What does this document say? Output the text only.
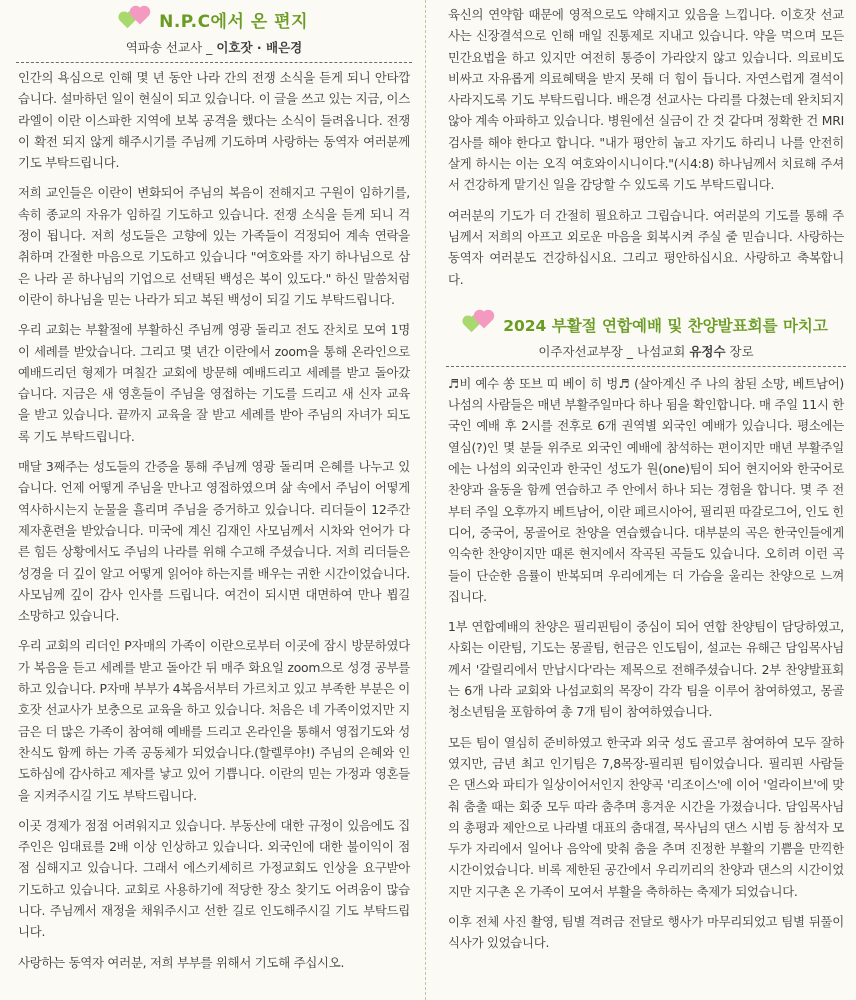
N.P.C에서 온 편지
역파송 선교사 _ 이호잣 · 배은경

인간의 욕심으로 인해 몇 년 동안 나라 간의 전쟁 소식을 듣게 되니 안타깝습니다. 설마하던 일이 현실이 되고 있습니다. 이 글을 쓰고 있는 지금, 이스라엘이 이란 이스파한 지역에 보복 공격을 했다는 소식이 들려옵니다. 전쟁이 확전 되지 않게 해주시기를 주님께 기도하며 사랑하는 동역자 여러분께 기도 부탁드립니다.

저희 교인들은 이란이 변화되어 주님의 복음이 전해지고 구원이 임하기를, 속히 종교의 자유가 임하길 기도하고 있습니다. 전쟁 소식을 듣게 되니 걱정이 됩니다. 저희 성도들은 고향에 있는 가족들이 걱정되어 계속 연락을 취하며 간절한 마음으로 기도하고 있습니다 "여호와를 자기 하나님으로 삼은 나라 곧 하나님의 기업으로 선택된 백성은 복이 있도다." 하신 말씀처럼 이란이 하나님을 믿는 나라가 되고 복된 백성이 되길 기도 부탁드립니다.

우리 교회는 부활절에 부활하신 주님께 영광 돌리고 전도 잔치로 모여 1명이 세례를 받았습니다. 그리고 몇 년간 이란에서 zoom을 통해 온라인으로 예배드리던 형제가 며칠간 교회에 방문해 예배드리고 세례를 받고 돌아갔습니다. 지금은 새 영혼들이 주님을 영접하는 기도를 드리고 새 신자 교육을 받고 있습니다. 끝까지 교육을 잘 받고 세례를 받아 주님의 자녀가 되도록 기도 부탁드립니다.

매달 3째주는 성도들의 간증을 통해 주님께 영광 돌리며 은혜를 나누고 있습니다. 언제 어떻게 주님을 만나고 영접하였으며 삶 속에서 주님이 어떻게 역사하시는지 눈물을 흘리며 주님을 증거하고 있습니다. 리더들이 12주간 제자훈련을 받았습니다. 미국에 계신 김재인 사모님께서 시차와 언어가 다른 힘든 상황에서도 주님의 나라를 위해 수고해 주셨습니다. 저희 리더들은 성경을 더 깊이 알고 어떻게 읽어야 하는지를 배우는 귀한 시간이었습니다. 사모님께 깊이 감사 인사를 드립니다. 여건이 되시면 대면하여 만나 뵙길 소망하고 있습니다.

우리 교회의 리더인 P자매의 가족이 이란으로부터 이곳에 잠시 방문하였다가 복음을 듣고 세례를 받고 돌아간 뒤 매주 화요일 zoom으로 성경 공부를 하고 있습니다. P자매 부부가 4복음서부터 가르치고 있고 부족한 부분은 이호잣 선교사가 보충으로 교육을 하고 있습니다. 처음은 네 가족이었지만 지금은 더 많은 가족이 참여해 예배를 드리고 온라인을 통해서 영접기도와 성찬식도 함께 하는 가족 공동체가 되었습니다.(할렐루야!) 주님의 은혜와 인도하심에 감사하고 제자를 낳고 있어 기쁩니다. 이란의 믿는 가정과 영혼들을 지켜주시길 기도 부탁드립니다.

이곳 경제가 점점 어려워지고 있습니다. 부동산에 대한 규정이 있음에도 집주인은 임대료를 2배 이상 인상하고 있습니다. 외국인에 대한 불이익이 점점 심해지고 있습니다. 그래서 에스키셰히르 가정교회도 인상을 요구받아 기도하고 있습니다. 교회로 사용하기에 적당한 장소 찾기도 어려움이 많습니다. 주님께서 재정을 채워주시고 선한 길로 인도해주시길 기도 부탁드립니다.

사랑하는 동역자 여러분, 저희 부부를 위해서 기도해 주십시오.

육신의 연약함 때문에 영적으로도 약해지고 있음을 느낍니다. 이호잣 선교사는 신장결석으로 인해 매일 진통제로 지내고 있습니다. 약을 먹으며 모든 민간요법을 하고 있지만 여전히 통증이 가라앉지 않고 있습니다. 의료비도 비싸고 자유롭게 의료혜택을 받지 못해 더 힘이 듭니다. 자연스럽게 결석이 사라지도록 기도 부탁드립니다. 배은경 선교사는 다리를 다쳤는데 완치되지 않아 계속 아파하고 있습니다. 병원에선 실금이 간 것 같다며 정확한 건 MRI 검사를 해야 한다고 합니다. "내가 평안히 눕고 자기도 하리니 나를 안전히 살게 하시는 이는 오직 여호와이시니이다."(시4:8) 하나님께서 치료해 주셔서 건강하게 맡기신 일을 감당할 수 있도록 기도 부탁드립니다.

여러분의 기도가 더 간절히 필요하고 그립습니다. 여러분의 기도를 통해 주님께서 저희의 아프고 외로운 마음을 회복시켜 주실 줄 믿습니다. 사랑하는 동역자 여러분도 건강하십시요. 그리고 평안하십시요. 사랑하고 축복합니다.

2024 부활절 연합예배 및 찬양발표회를 마치고
이주자선교부장 _ 나섬교회 유정수 장로

♬비 예수 쏭 또브 띠 베이 히 벙♬ (살아계신 주 나의 참된 소망, 베트남어) 나섬의 사람들은 매년 부활주일마다 하나 됨을 확인합니다. 매 주일 11시 한국인 예배 후 2시를 전후로 6개 권역별 외국인 예배가 있습니다. 평소에는 열심(?)인 몇 분들 위주로 외국인 예배에 참석하는 편이지만 매년 부활주일에는 나섬의 외국인과 한국인 성도가 원(one)팀이 되어 현지어와 한국어로 찬양과 율동을 함께 연습하고 주 안에서 하나 되는 경험을 합니다. 몇 주 전부터 주일 오후까지 베트남어, 이란 페르시아어, 필리핀 따갈로그어, 인도 힌디어, 중국어, 몽골어로 찬양을 연습했습니다. 대부분의 곡은 한국인들에게 익숙한 찬양이지만 때론 현지에서 작곡된 곡들도 있습니다. 오히려 이런 곡들이 단순한 음률이 반복되며 우리에게는 더 가슴을 울리는 찬양으로 느껴집니다.

1부 연합예배의 찬양은 필리핀팀이 중심이 되어 연합 찬양팀이 담당하였고, 사회는 이란팀, 기도는 몽골팀, 헌금은 인도팀이, 설교는 유해근 담임목사님께서 '갈릴리에서 만납시다'라는 제목으로 전해주셨습니다. 2부 찬양발표회는 6개 나라 교회와 나섬교회의 목장이 각각 팀을 이루어 참여하였고, 몽골 청소년팀을 포함하여 총 7개 팀이 참여하였습니다.

모든 팀이 열심히 준비하였고 한국과 외국 성도 골고루 참여하여 모두 잘하였지만, 금년 최고 인기팀은 7,8목장-필리핀 팀이었습니다. 필리핀 사람들은 댄스와 파티가 일상이어서인지 찬양곡 '리조이스'에 이어 '얼라이브'에 맞춰 춤출 때는 회중 모두 따라 춤추며 흥겨운 시간을 가졌습니다. 담임목사님의 총평과 제안으로 나라별 대표의 춤대결, 목사님의 댄스 시범 등 참석자 모두가 자리에서 일어나 음악에 맞춰 춤을 추며 진정한 부활의 기쁨을 만끽한 시간이었습니다. 비록 제한된 공간에서 우리끼리의 찬양과 댄스의 시간이었지만 지구촌 온 가족이 모여서 부활을 축하하는 축제가 되었습니다.

이후 전체 사진 촬영, 팀별 격려금 전달로 행사가 마무리되었고 팀별 뒤풀이 식사가 있었습니다.
